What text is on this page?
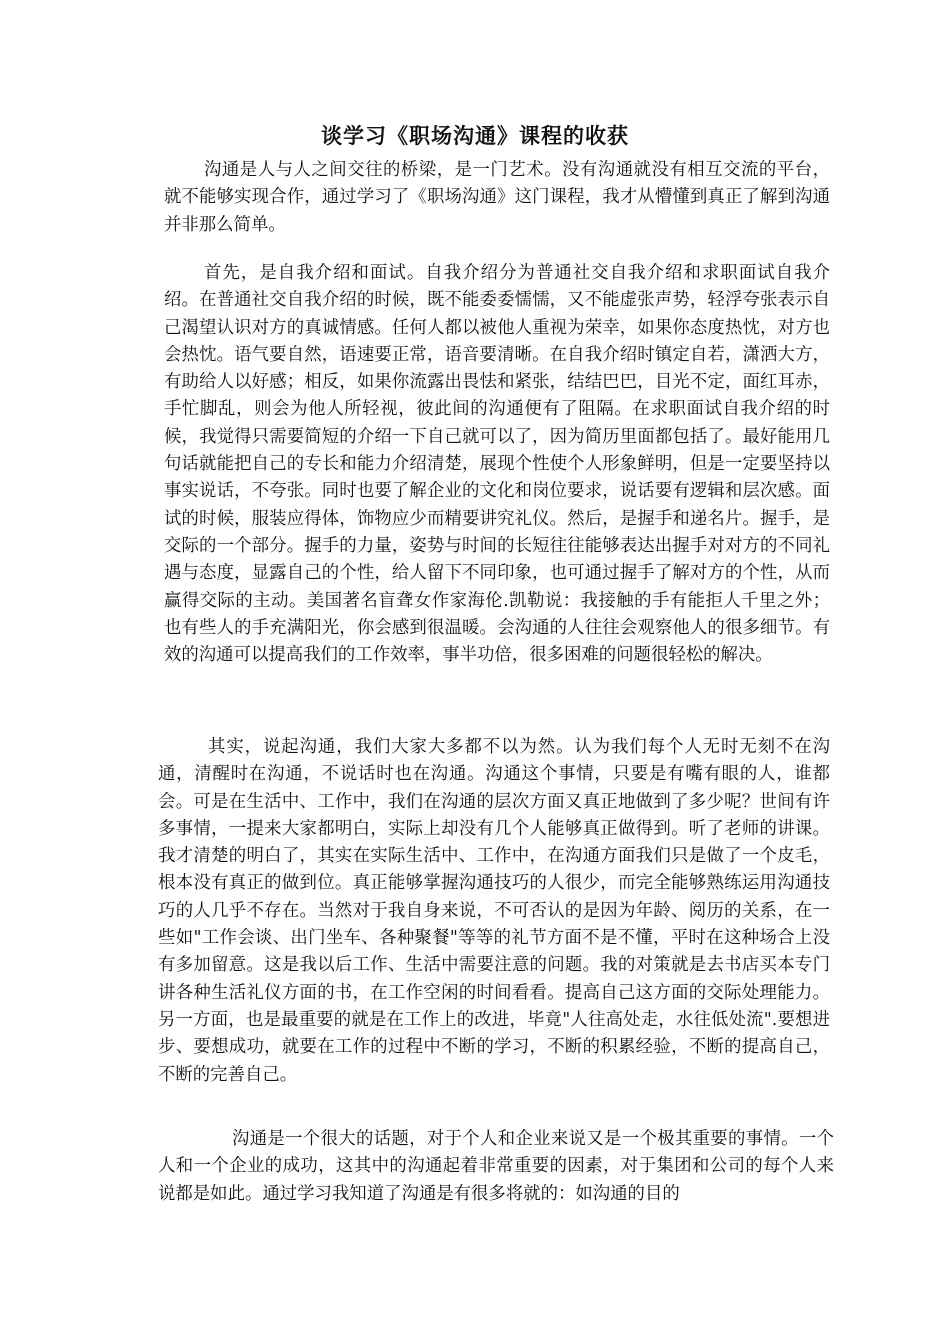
谈学习《职场沟通》课程的收获

沟通是人与人之间交往的桥梁，是一门艺术。没有沟通就没有相互交流的平台，就不能够实现合作，通过学习了《职场沟通》这门课程，我才从懵懂到真正了解到沟通并非那么简单。

首先，是自我介绍和面试。自我介绍分为普通社交自我介绍和求职面试自我介绍。在普通社交自我介绍的时候，既不能委委懦懦，又不能虚张声势，轻浮夸张表示自己渴望认识对方的真诚情感。任何人都以被他人重视为荣幸，如果你态度热忱，对方也会热忱。语气要自然，语速要正常，语音要清晰。在自我介绍时镇定自若，潇洒大方，有助给人以好感；相反，如果你流露出畏怯和紧张，结结巴巴，目光不定，面红耳赤，手忙脚乱，则会为他人所轻视，彼此间的沟通便有了阻隔。在求职面试自我介绍的时候，我觉得只需要简短的介绍一下自己就可以了，因为简历里面都包括了。最好能用几句话就能把自己的专长和能力介绍清楚，展现个性使个人形象鲜明，但是一定要坚持以事实说话，不夸张。同时也要了解企业的文化和岗位要求，说话要有逻辑和层次感。面试的时候，服装应得体，饰物应少而精要讲究礼仪。然后，是握手和递名片。握手，是交际的一个部分。握手的力量，姿势与时间的长短往往能够表达出握手对对方的不同礼遇与态度，显露自己的个性，给人留下不同印象，也可通过握手了解对方的个性，从而赢得交际的主动。美国著名盲聋女作家海伦.凯勒说：我接触的手有能拒人千里之外；也有些人的手充满阳光，你会感到很温暖。会沟通的人往往会观察他人的很多细节。有效的沟通可以提高我们的工作效率，事半功倍，很多困难的问题很轻松的解决。

其实，说起沟通，我们大家大多都不以为然。认为我们每个人无时无刻不在沟通，清醒时在沟通，不说话时也在沟通。沟通这个事情，只要是有嘴有眼的人，谁都会。可是在生活中、工作中，我们在沟通的层次方面又真正地做到了多少呢？世间有许多事情，一提来大家都明白，实际上却没有几个人能够真正做得到。听了老师的讲课。我才清楚的明白了，其实在实际生活中、工作中，在沟通方面我们只是做了一个皮毛，根本没有真正的做到位。真正能够掌握沟通技巧的人很少，而完全能够熟练运用沟通技巧的人几乎不存在。当然对于我自身来说，不可否认的是因为年龄、阅历的关系，在一些如"工作会谈、出门坐车、各种聚餐"等等的礼节方面不是不懂，平时在这种场合上没有多加留意。这是我以后工作、生活中需要注意的问题。我的对策就是去书店买本专门讲各种生活礼仪方面的书，在工作空闲的时间看看。提高自己这方面的交际处理能力。另一方面，也是最重要的就是在工作上的改进，毕竟"人往高处走，水往低处流".要想进步、要想成功，就要在工作的过程中不断的学习，不断的积累经验，不断的提高自己，不断的完善自己。

沟通是一个很大的话题，对于个人和企业来说又是一个极其重要的事情。一个人和一个企业的成功，这其中的沟通起着非常重要的因素，对于集团和公司的每个人来说都是如此。通过学习我知道了沟通是有很多将就的：如沟通的目的
